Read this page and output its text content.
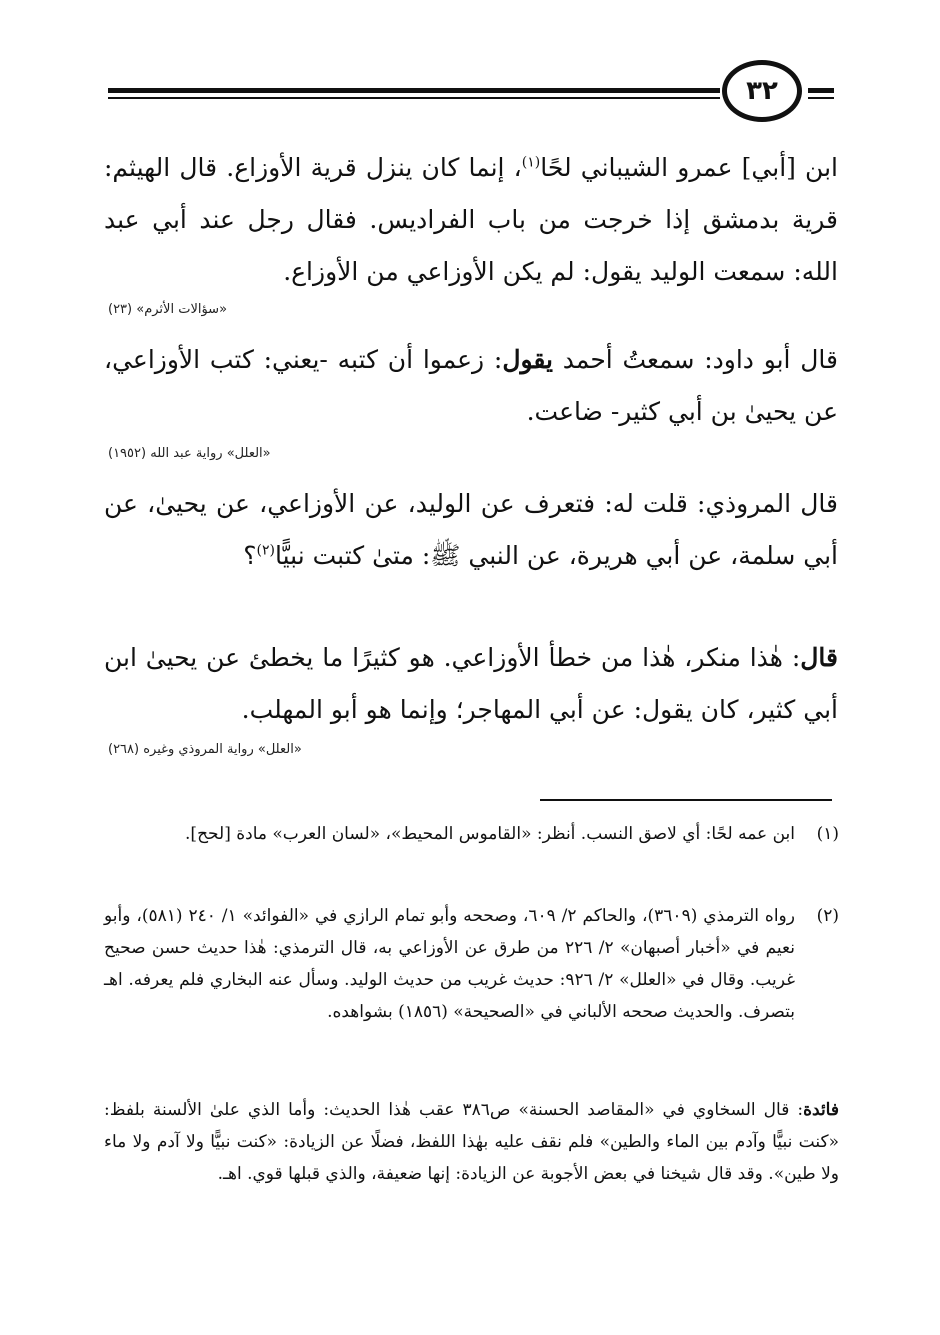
٣٢
ابن [أبي] عمرو الشيباني لحًا$^{(١)}$، إنما كان ينزل قرية الأوزاع. قال الهيثم: قرية بدمشق إذا خرجت من باب الفراديس. فقال رجل عند أبي عبد الله: سمعت الوليد يقول: لم يكن الأوزاعي من الأوزاع.
«سؤالات الأثرم» (٢٣)
قال أبو داود: سمعتُ أحمد يقول: زعموا أن كتبه -يعني: كتب الأوزاعي، عن يحيىٰ بن أبي كثير- ضاعت.
«العلل» رواية عبد الله (١٩٥٢)
قال المروذي: قلت له: فتعرف عن الوليد، عن الأوزاعي، عن يحيىٰ، عن أبي سلمة، عن أبي هريرة، عن النبي ﷺ: متىٰ كتبت نبيًّا$^{(٢)}$؟
قال: هٰذا منكر، هٰذا من خطأ الأوزاعي. هو كثيرًا ما يخطئ عن يحيىٰ ابن أبي كثير، كان يقول: عن أبي المهاجر؛ وإنما هو أبو المهلب.
«العلل» رواية المروذي وغيره (٢٦٨)
(١)
ابن عمه لحًا: أي لاصق النسب. أنظر: «القاموس المحيط»، «لسان العرب» مادة [لحح].
(٢)
رواه الترمذي (٣٦٠٩)، والحاكم ٢/ ٦٠٩، وصححه وأبو تمام الرازي في «الفوائد» ١/ ٢٤٠ (٥٨١)، وأبو نعيم في «أخبار أصبهان» ٢/ ٢٢٦ من طرق عن الأوزاعي به، قال الترمذي: هٰذا حديث حسن صحيح غريب. وقال في «العلل» ٢/ ٩٢٦: حديث غريب من حديث الوليد. وسأل عنه البخاري فلم يعرفه. اهـ بتصرف. والحديث صححه الألباني في «الصحيحة» (١٨٥٦) بشواهده.
فائدة: قال السخاوي في «المقاصد الحسنة» ص٣٨٦ عقب هٰذا الحديث: وأما الذي علىٰ الألسنة بلفظ: «كنت نبيًّا وآدم بين الماء والطين» فلم نقف عليه بهٰذا اللفظ، فضلًا عن الزيادة: «كنت نبيًّا ولا آدم ولا ماء ولا طين». وقد قال شيخنا في بعض الأجوبة عن الزيادة: إنها ضعيفة، والذي قبلها قوي. اهـ.
